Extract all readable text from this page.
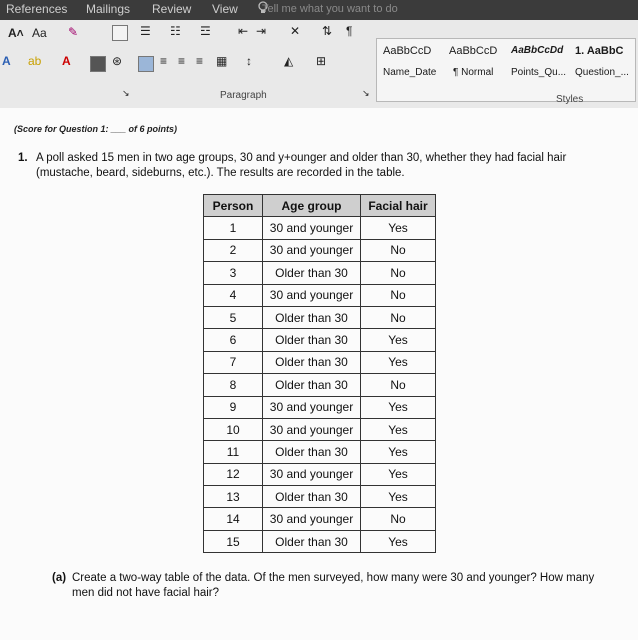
References Mailings Review View Tell me what you want to do
A˄ Aa ✎	☰ ☷ ☲ ⇤ ⇥ ✕ ⇅ ¶
A ab A	⊛	≡ ≡ ≡ ▦ ↕	◭ ⊞
Paragraph
↘	↘
AaBbCcD
Name_Date
AaBbCcD
¶ Normal
AaBbCcDd
Points_Qu...
1. AaBbC
Question_...
Styles
(Score for Question 1: ___ of 6 points)
1. A poll asked 15 men in two age groups, 30 and y+ounger and older than 30, whether they had facial hair (mustache, beard, sideburns, etc.). The results are recorded in the table.
Person	Age group	Facial hair
1	30 and younger	Yes
2	30 and younger	No
3	Older than 30	No
4	30 and younger	No
5	Older than 30	No
6	Older than 30	Yes
7	Older than 30	Yes
8	Older than 30	No
9	30 and younger	Yes
10	30 and younger	Yes
11	Older than 30	Yes
12	30 and younger	Yes
13	Older than 30	Yes
14	30 and younger	No
15	Older than 30	Yes
(a) Create a two-way table of the data. Of the men surveyed, how many were 30 and younger? How many men did not have facial hair?
